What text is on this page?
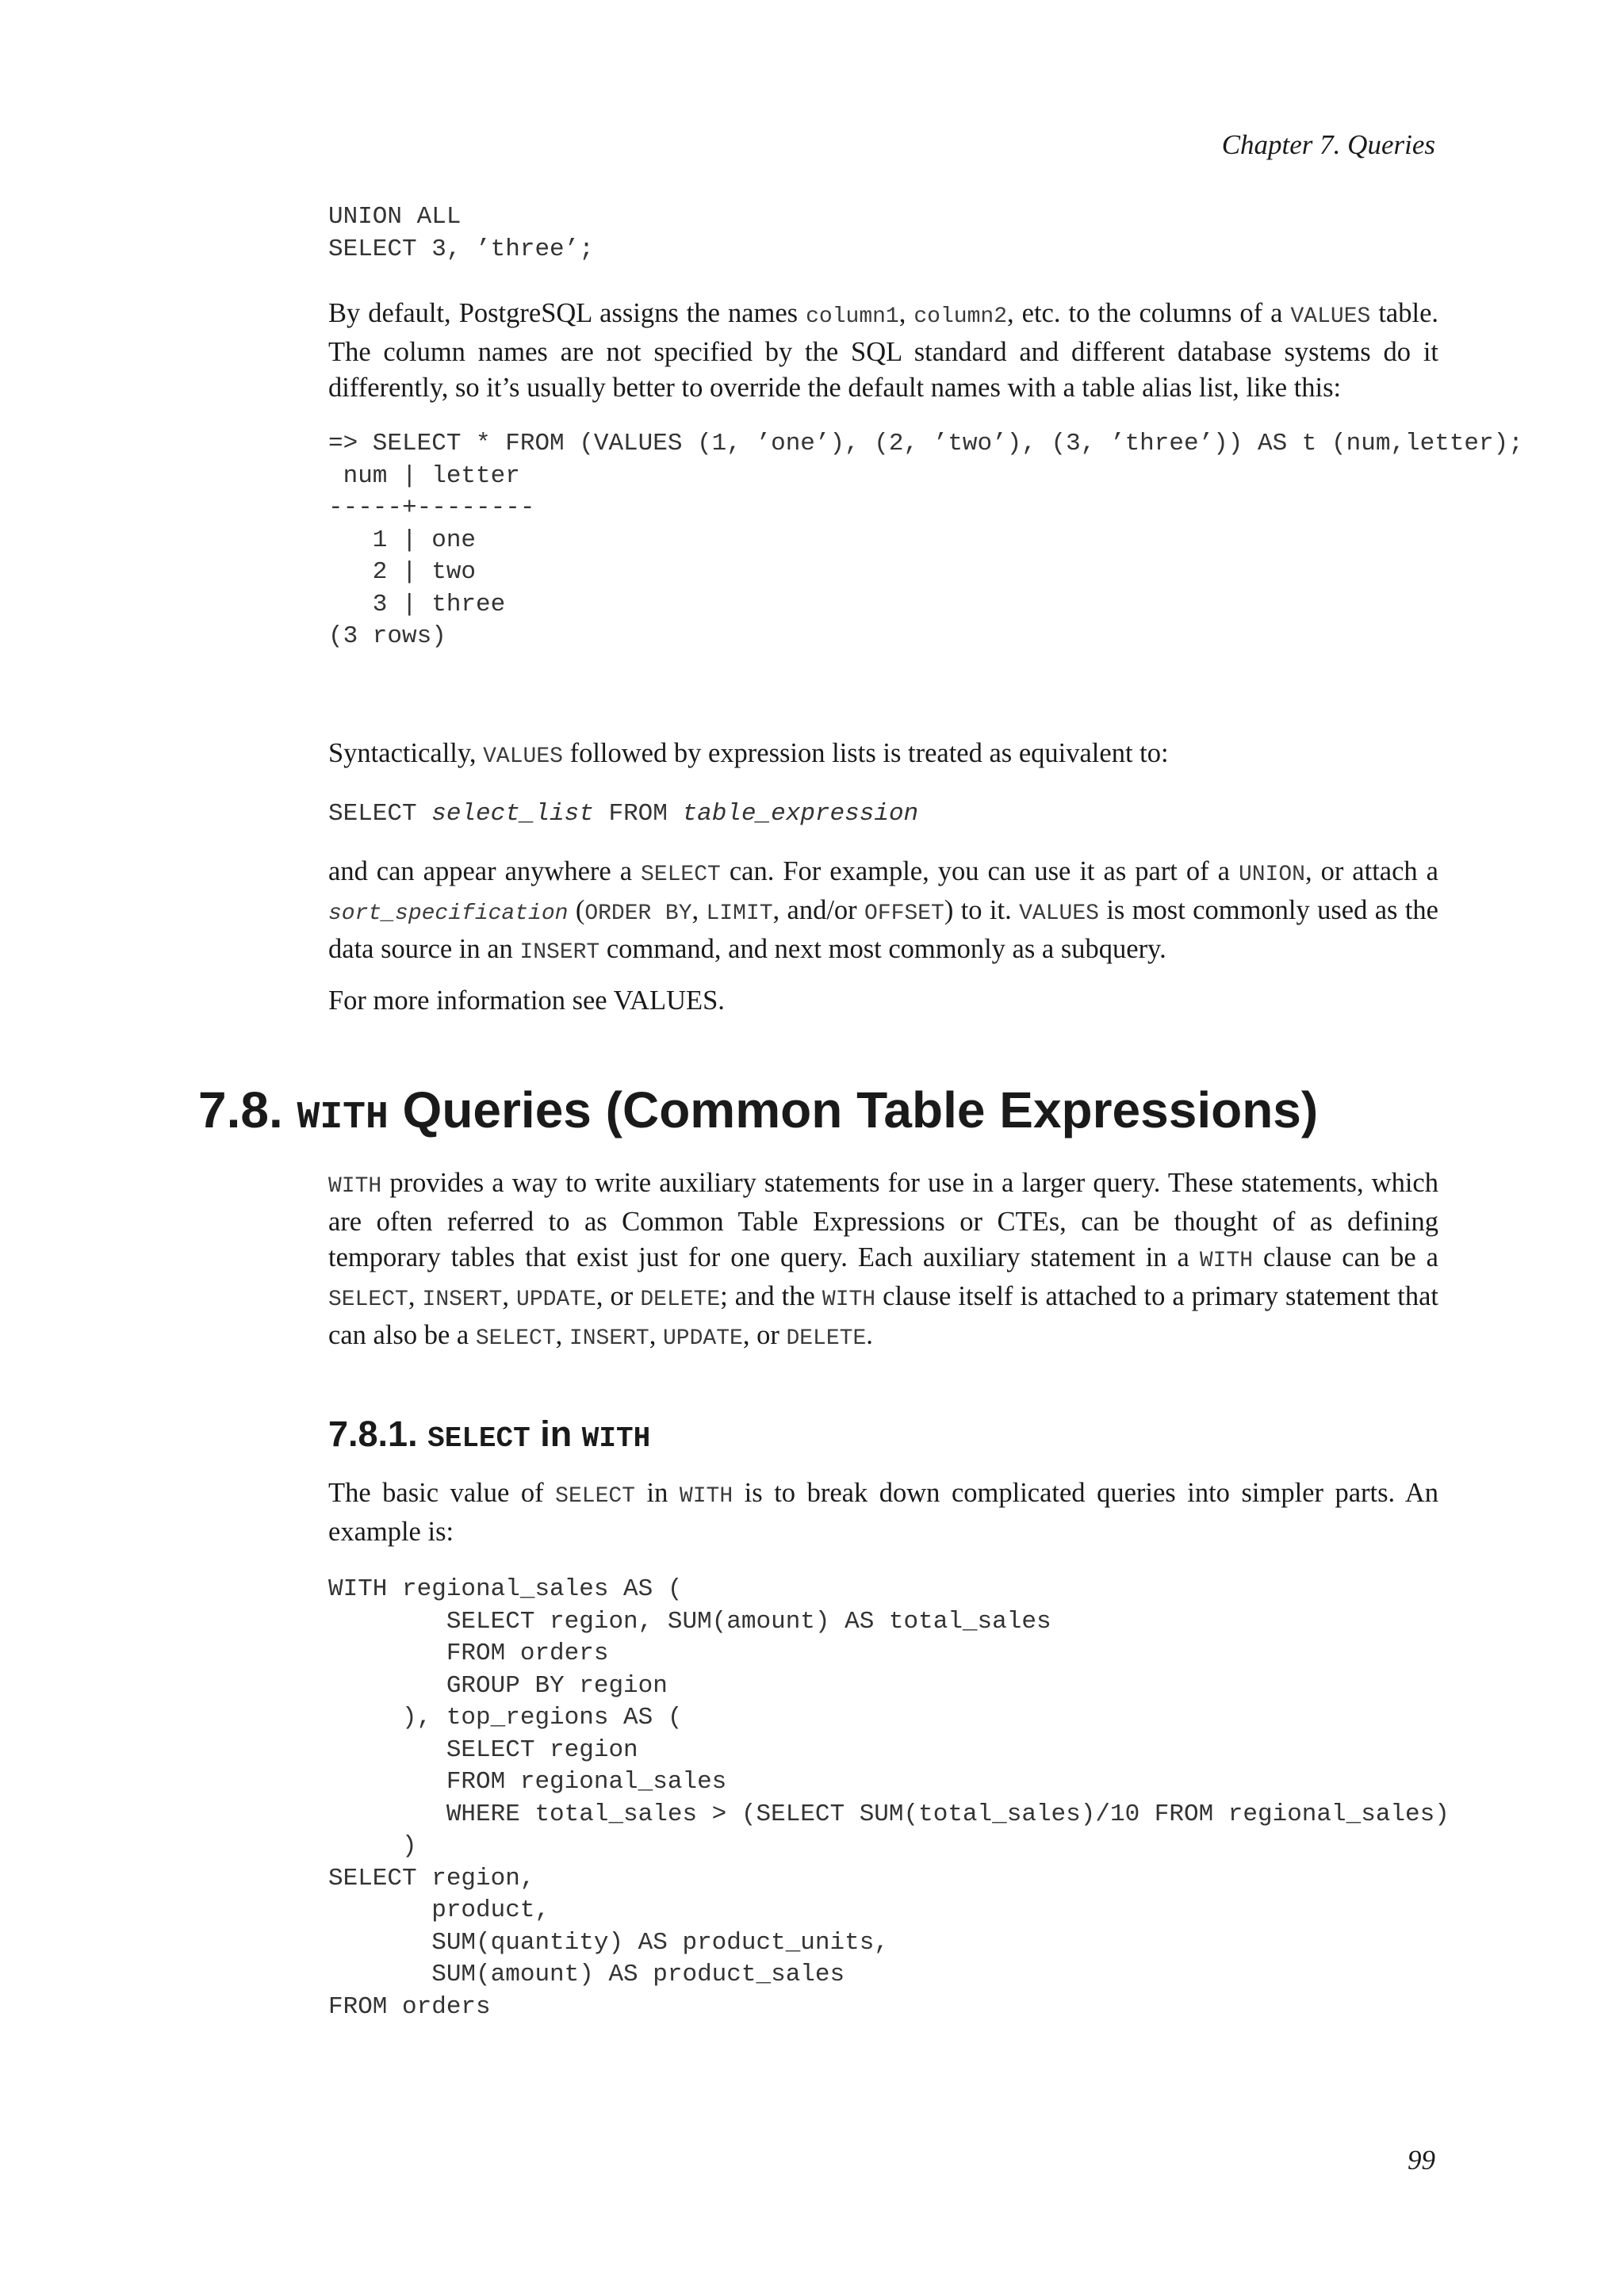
Chapter 7. Queries
UNION ALL
SELECT 3, ’three’;

By default, PostgreSQL assigns the names column1, column2, etc. to the columns of a VALUES table. The column names are not specified by the SQL standard and different database systems do it differently, so it’s usually better to override the default names with a table alias list, like this:

=> SELECT * FROM (VALUES (1, ’one’), (2, ’two’), (3, ’three’)) AS t (num,letter);
num | letter
-----+--------
1 | one
2 | two
3 | three
(3 rows)

Syntactically, VALUES followed by expression lists is treated as equivalent to:

SELECT select_list FROM table_expression

and can appear anywhere a SELECT can. For example, you can use it as part of a UNION, or attach a sort_specification (ORDER BY, LIMIT, and/or OFFSET) to it. VALUES is most commonly used as the data source in an INSERT command, and next most commonly as a subquery.

For more information see VALUES.

7.8. WITH Queries (Common Table Expressions)

WITH provides a way to write auxiliary statements for use in a larger query. These statements, which are often referred to as Common Table Expressions or CTEs, can be thought of as defining temporary tables that exist just for one query. Each auxiliary statement in a WITH clause can be a SELECT, INSERT, UPDATE, or DELETE; and the WITH clause itself is attached to a primary statement that can also be a SELECT, INSERT, UPDATE, or DELETE.

7.8.1. SELECT in WITH

The basic value of SELECT in WITH is to break down complicated queries into simpler parts. An example is:

WITH regional_sales AS (
SELECT region, SUM(amount) AS total_sales
FROM orders
GROUP BY region
), top_regions AS (
SELECT region
FROM regional_sales
WHERE total_sales > (SELECT SUM(total_sales)/10 FROM regional_sales)
)
SELECT region,
product,
SUM(quantity) AS product_units,
SUM(amount) AS product_sales
FROM orders
99
